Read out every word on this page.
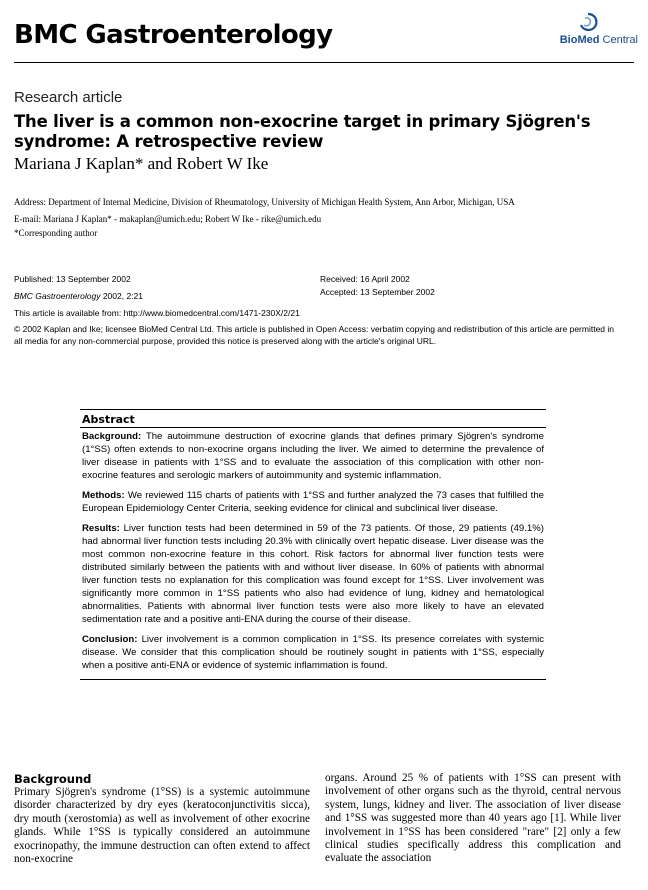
BMC Gastroenterology	BioMed Central
Research article
The liver is a common non-exocrine target in primary Sjögren's syndrome: A retrospective review
Mariana J Kaplan* and Robert W Ike
Address: Department of Internal Medicine, Division of Rheumatology, University of Michigan Health System, Ann Arbor, Michigan, USA
E-mail: Mariana J Kaplan* - makaplan@umich.edu; Robert W Ike - rike@umich.edu
*Corresponding author
Published: 13 September 2002
BMC Gastroenterology 2002, 2:21
Received: 16 April 2002
Accepted: 13 September 2002
This article is available from: http://www.biomedcentral.com/1471-230X/2/21
© 2002 Kaplan and Ike; licensee BioMed Central Ltd. This article is published in Open Access: verbatim copying and redistribution of this article are permitted in all media for any non-commercial purpose, provided this notice is preserved along with the article's original URL.
Abstract

Background: The autoimmune destruction of exocrine glands that defines primary Sjögren's syndrome (1°SS) often extends to non-exocrine organs including the liver. We aimed to determine the prevalence of liver disease in patients with 1°SS and to evaluate the association of this complication with other non-exocrine features and serologic markers of autoimmunity and systemic inflammation.

Methods: We reviewed 115 charts of patients with 1°SS and further analyzed the 73 cases that fulfilled the European Epidemiology Center Criteria, seeking evidence for clinical and subclinical liver disease.

Results: Liver function tests had been determined in 59 of the 73 patients. Of those, 29 patients (49.1%) had abnormal liver function tests including 20.3% with clinically overt hepatic disease. Liver disease was the most common non-exocrine feature in this cohort. Risk factors for abnormal liver function tests were distributed similarly between the patients with and without liver disease. In 60% of patients with abnormal liver function tests no explanation for this complication was found except for 1°SS. Liver involvement was significantly more common in 1°SS patients who also had evidence of lung, kidney and hematological abnormalities. Patients with abnormal liver function tests were also more likely to have an elevated sedimentation rate and a positive anti-ENA during the course of their disease.

Conclusion: Liver involvement is a common complication in 1°SS. Its presence correlates with systemic disease. We consider that this complication should be routinely sought in patients with 1°SS, especially when a positive anti-ENA or evidence of systemic inflammation is found.

Background
Primary Sjögren's syndrome (1°SS) is a systemic autoimmune disorder characterized by dry eyes (keratoconjunctivitis sicca), dry mouth (xerostomia) as well as involvement of other exocrine glands. While 1°SS is typically considered an autoimmune exocrinopathy, the immune destruction can often extend to affect non-exocrine
organs. Around 25 % of patients with 1°SS can present with involvement of other organs such as the thyroid, central nervous system, lungs, kidney and liver. The association of liver disease and 1°SS was suggested more than 40 years ago [1]. While liver involvement in 1°SS has been considered "rare" [2] only a few clinical studies specifically address this complication and evaluate the association
